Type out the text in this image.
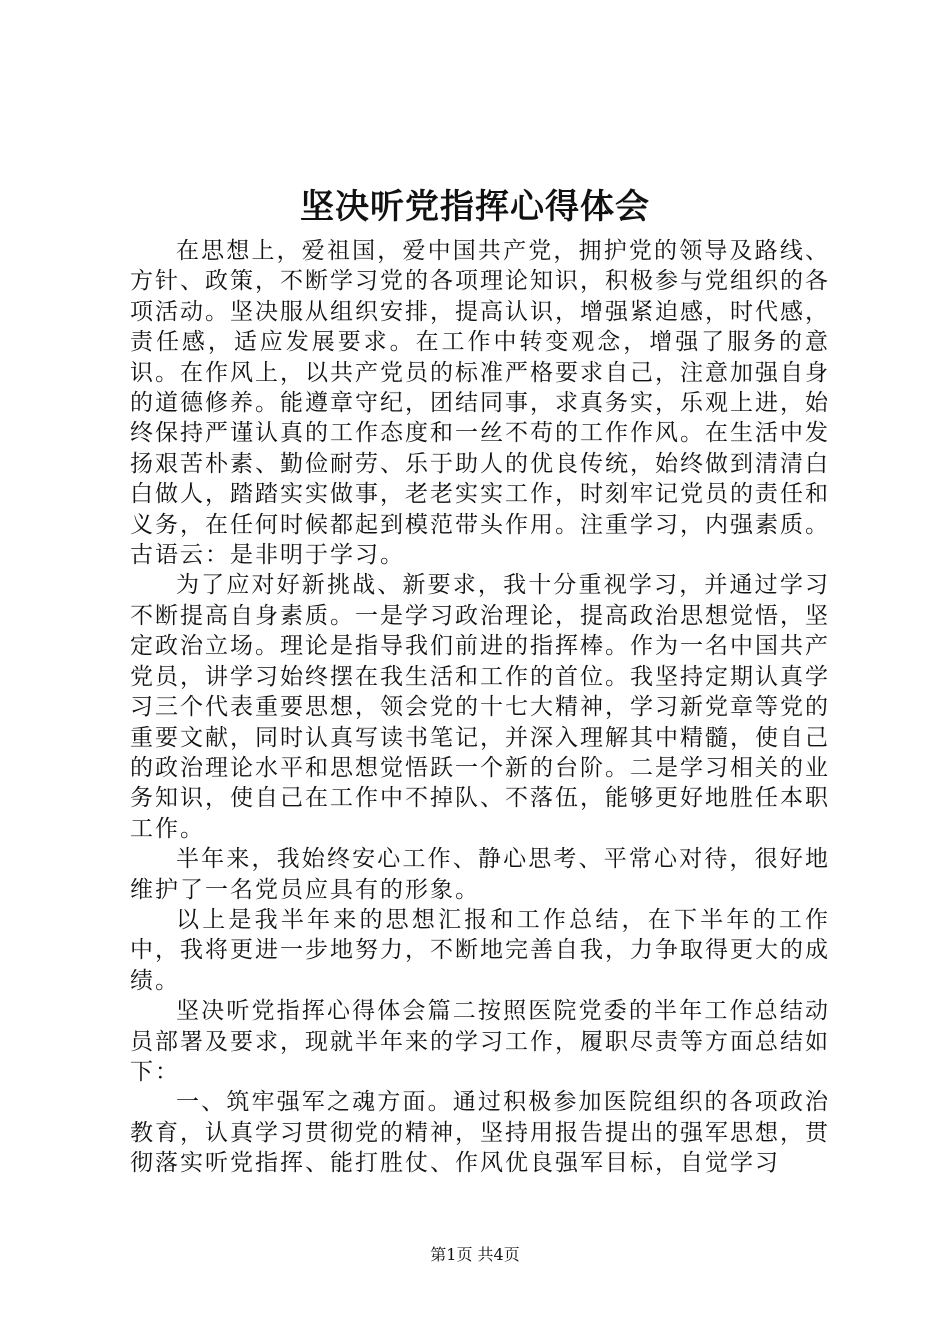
坚决听党指挥心得体会

在思想上，爱祖国，爱中国共产党，拥护党的领导及路线、方针、政策，不断学习党的各项理论知识，积极参与党组织的各项活动。坚决服从组织安排，提高认识，增强紧迫感，时代感，责任感，适应发展要求。在工作中转变观念，增强了服务的意识。在作风上，以共产党员的标准严格要求自己，注意加强自身的道德修养。能遵章守纪，团结同事，求真务实，乐观上进，始终保持严谨认真的工作态度和一丝不苟的工作作风。在生活中发扬艰苦朴素、勤俭耐劳、乐于助人的优良传统，始终做到清清白白做人，踏踏实实做事，老老实实工作，时刻牢记党员的责任和义务，在任何时候都起到模范带头作用。注重学习，内强素质。古语云：是非明于学习。

为了应对好新挑战、新要求，我十分重视学习，并通过学习不断提高自身素质。一是学习政治理论，提高政治思想觉悟，坚定政治立场。理论是指导我们前进的指挥棒。作为一名中国共产党员，讲学习始终摆在我生活和工作的首位。我坚持定期认真学习三个代表重要思想，领会党的十七大精神，学习新党章等党的重要文献，同时认真写读书笔记，并深入理解其中精髓，使自己的政治理论水平和思想觉悟跃一个新的台阶。二是学习相关的业务知识，使自己在工作中不掉队、不落伍，能够更好地胜任本职工作。

半年来，我始终安心工作、静心思考、平常心对待，很好地维护了一名党员应具有的形象。

以上是我半年来的思想汇报和工作总结，在下半年的工作中，我将更进一步地努力，不断地完善自我，力争取得更大的成绩。

坚决听党指挥心得体会篇二按照医院党委的半年工作总结动员部署及要求，现就半年来的学习工作，履职尽责等方面总结如下：

一、筑牢强军之魂方面。通过积极参加医院组织的各项政治教育，认真学习贯彻党的精神，坚持用报告提出的强军思想，贯彻落实听党指挥、能打胜仗、作风优良强军目标，自觉学习

第1页 共4页
